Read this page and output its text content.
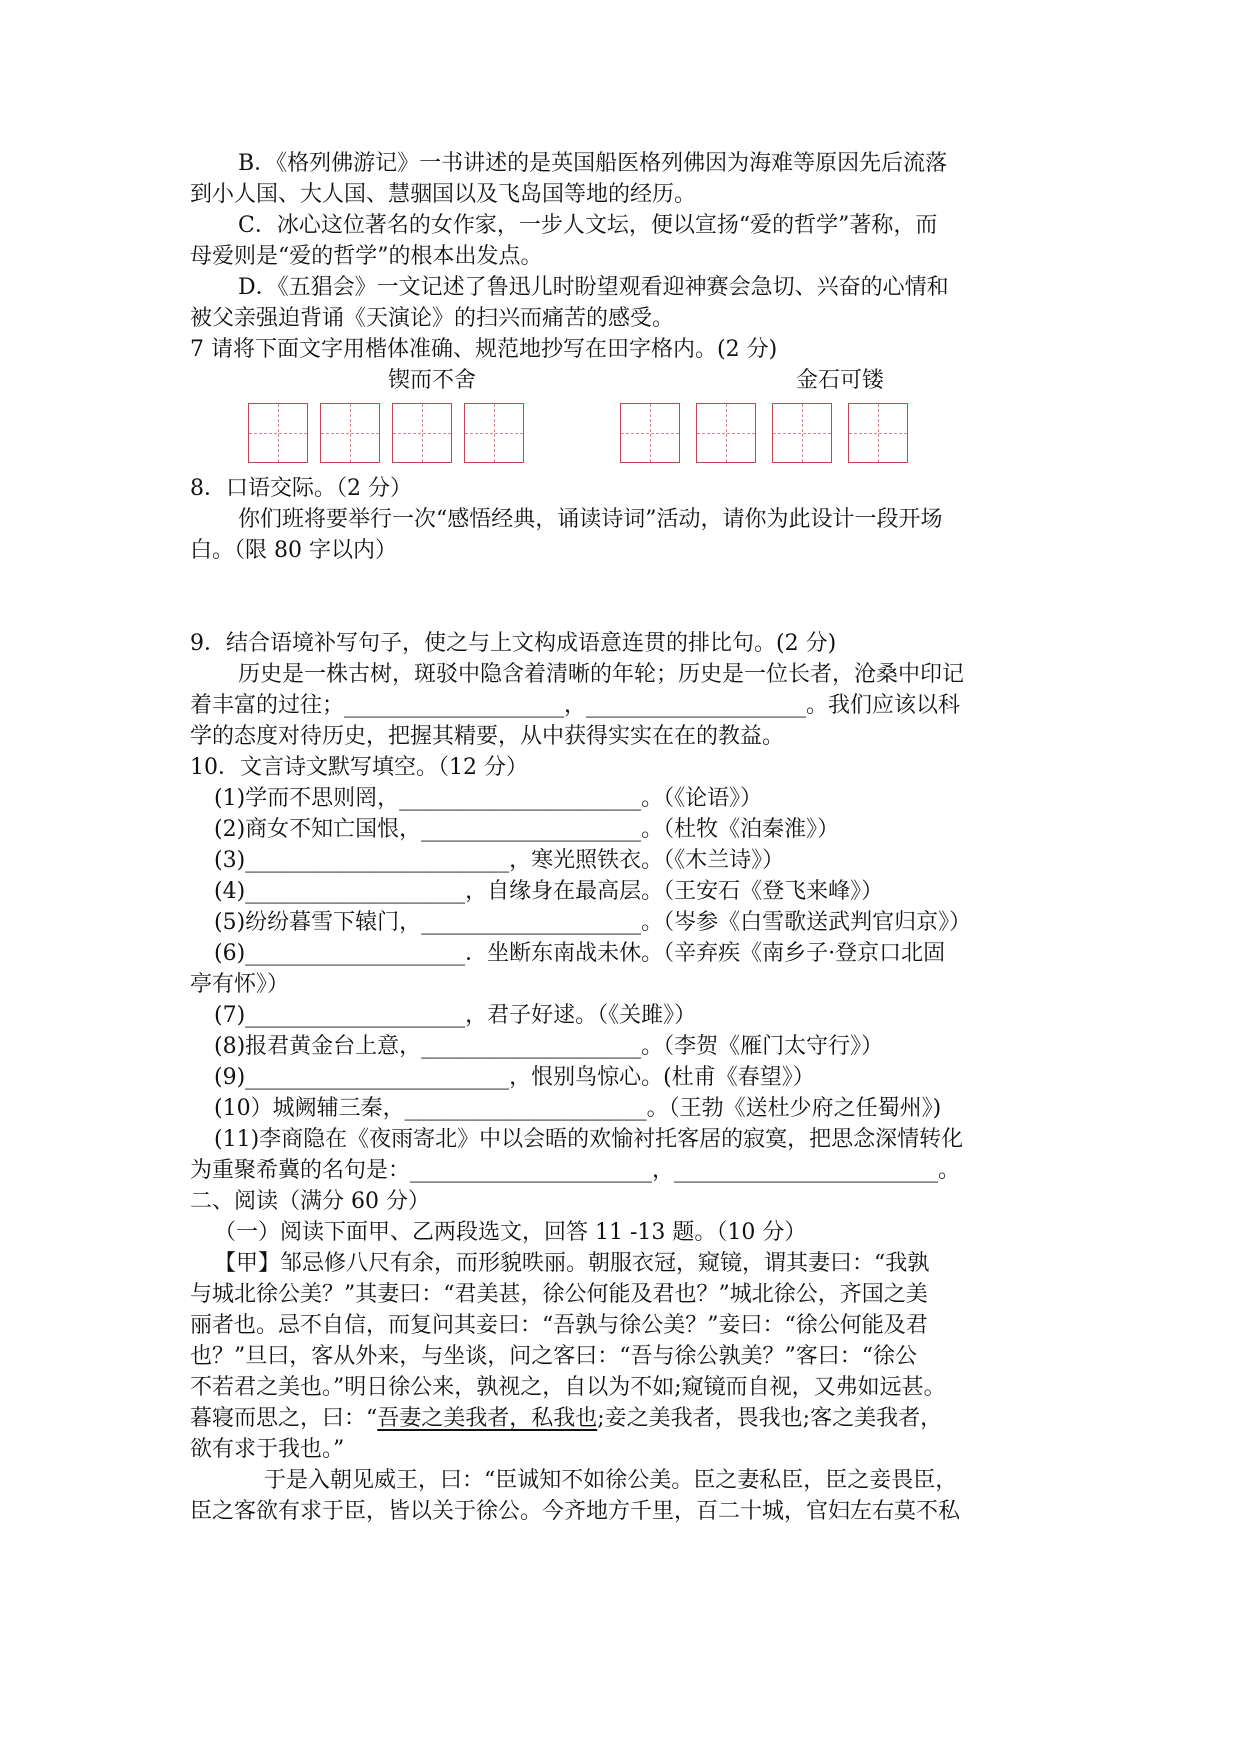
B．《格列佛游记》一书讲述的是英国船医格列佛因为海难等原因先后流落
到小人国、大人国、慧骃国以及飞岛国等地的经历。
C．冰心这位著名的女作家，一步人文坛，便以宣扬“爱的哲学”著称，而
母爱则是“爱的哲学”的根本出发点。
D．《五猖会》一文记述了鲁迅儿时盼望观看迎神赛会急切、兴奋的心情和
被父亲强迫背诵《天演论》的扫兴而痛苦的感受。
7 请将下面文字用楷体准确、规范地抄写在田字格内。(2 分)
锲而不舍	金石可镂
8．口语交际。（2 分）
你们班将要举行一次“感悟经典，诵读诗词”活动，请你为此设计一段开场
白。（限 80 字以内）
9．结合语境补写句子，使之与上文构成语意连贯的排比句。(2 分)
历史是一株古树，斑驳中隐含着清晰的年轮；历史是一位长者，沧桑中印记
着丰富的过往；____________________，____________________。我们应该以科
学的态度对待历史，把握其精要，从中获得实实在在的教益。
10．文言诗文默写填空。（12 分）
(1)学而不思则罔，______________________。（《论语》）
(2)商女不知亡国恨，____________________。（杜牧《泊秦淮》）
(3)________________________，寒光照铁衣。（《木兰诗》）
(4)____________________，自缘身在最高层。（王安石《登飞来峰》）
(5)纷纷暮雪下辕门，____________________。（岑参《白雪歌送武判官归京》）
(6)____________________．坐断东南战未休。（辛弃疾《南乡子·登京口北固
亭有怀》）
(7)____________________，君子好逑。（《关雎》）
(8)报君黄金台上意，____________________。（李贺《雁门太守行》）
(9)________________________，恨别鸟惊心。(杜甫《春望》）
(10）城阙辅三秦，______________________。（王勃《送杜少府之任蜀州》)
(11)李商隐在《夜雨寄北》中以会晤的欢愉衬托客居的寂寞，把思念深情转化
为重聚希冀的名句是：______________________，________________________。
二、阅读（满分 60 分）
（一）阅读下面甲、乙两段选文，回答 11 -13 题。（10 分）
【甲】邹忌修八尺有余，而形貌昳丽。朝服衣冠，窥镜，谓其妻曰：“我孰
与城北徐公美？”其妻曰：“君美甚，徐公何能及君也？”城北徐公，齐国之美
丽者也。忌不自信，而复问其妾曰：“吾孰与徐公美？”妾曰：“徐公何能及君
也？”旦曰，客从外来，与坐谈，问之客曰：“吾与徐公孰美？”客曰：“徐公
不若君之美也。”明日徐公来，孰视之，自以为不如;窥镜而自视，又弗如远甚。
暮寝而思之，曰：“吾妻之美我者，私我也;妾之美我者，畏我也;客之美我者，
欲有求于我也。”
于是入朝见威王，曰：“臣诚知不如徐公美。臣之妻私臣，臣之妾畏臣，
臣之客欲有求于臣，皆以关于徐公。今齐地方千里，百二十城，官妇左右莫不私
